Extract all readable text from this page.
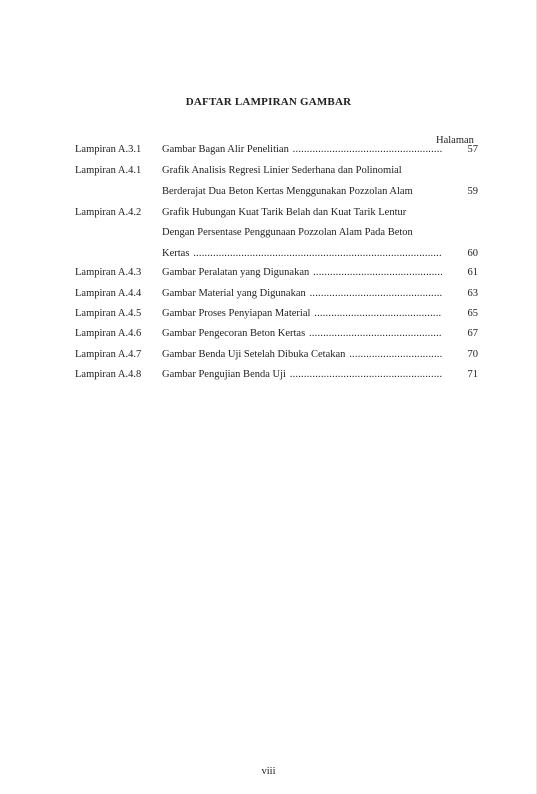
DAFTAR LAMPIRAN GAMBAR
Halaman
Lampiran A.3.1 Gambar Bagan Alir Penelitian .....	57
Lampiran A.4.1 Grafik Analisis Regresi Linier Sederhana dan Polinomial
Berderajat Dua Beton Kertas Menggunakan Pozzolan Alam	59
Lampiran A.4.2 Grafik Hubungan Kuat Tarik Belah dan Kuat Tarik Lentur
Dengan Persentase Penggunaan Pozzolan Alam Pada Beton
Kertas .....	60
Lampiran A.4.3 Gambar Peralatan yang Digunakan .....	61
Lampiran A.4.4 Gambar Material yang Digunakan .....	63
Lampiran A.4.5 Gambar Proses Penyiapan Material .....	65
Lampiran A.4.6 Gambar Pengecoran Beton Kertas .....	67
Lampiran A.4.7 Gambar Benda Uji Setelah Dibuka Cetakan .....	70
Lampiran A.4.8 Gambar Pengujian Benda Uji .....	71
viii
